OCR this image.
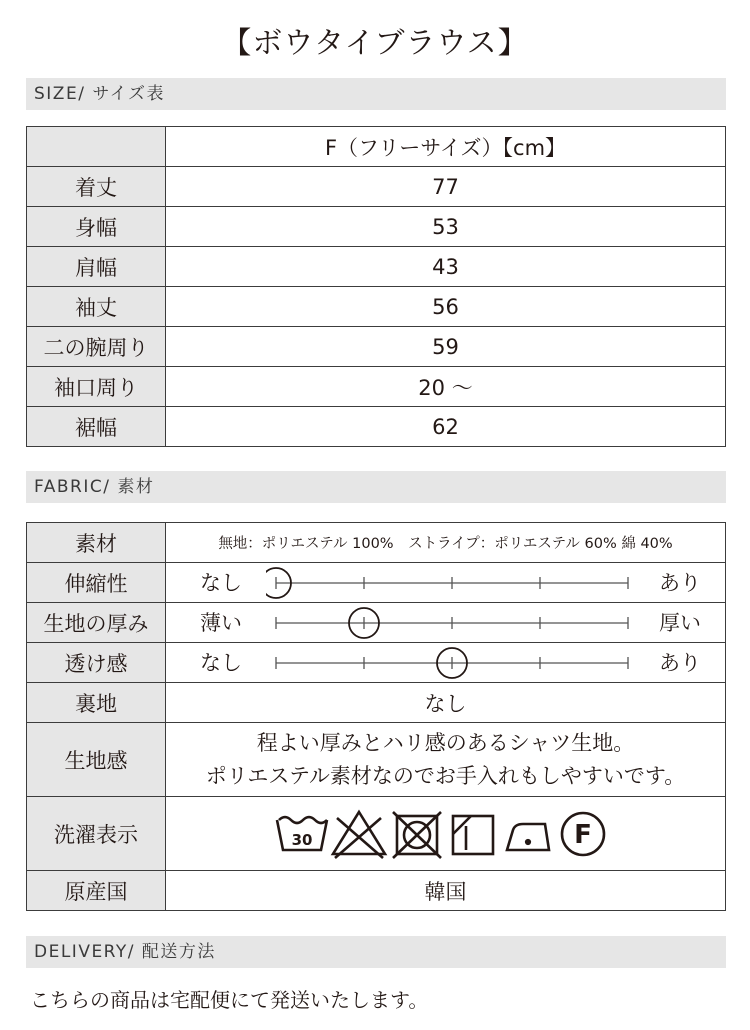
【ボウタイブラウス】
SIZE/ サイズ表
	F（フリーサイズ）【cm】
着丈	77
身幅	53
肩幅	43
袖丈	56
二の腕周り	59
袖口周り	20 〜
裾幅	62
FABRIC/ 素材
素材	無地：ポリエステル 100%　ストライプ：ポリエステル 60% 綿 40%
伸縮性	なし あり

生地の厚み	薄い 厚い

透け感	なし あり

裏地	なし
生地感	程よい厚みとハリ感のあるシャツ生地。
ポリエステル素材なのでお手入れもしやすいです。

洗濯表示	30 F

原産国	韓国
DELIVERY/ 配送方法
こちらの商品は宅配便にて発送いたします。
